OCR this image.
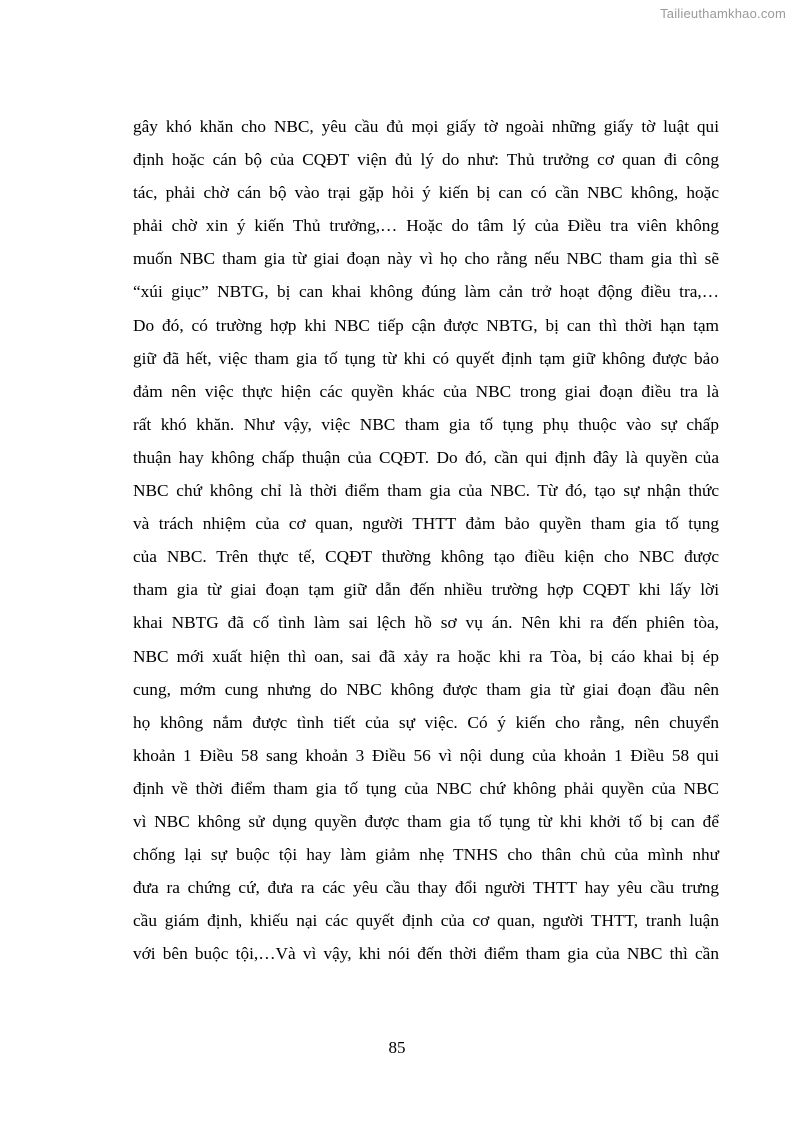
Tailieuthamkhao.com
gây khó khăn cho NBC, yêu cầu đủ mọi giấy tờ ngoài những giấy tờ luật qui
định hoặc cán bộ của CQĐT viện đủ lý do như: Thủ trưởng cơ quan đi công
tác, phải chờ cán bộ vào trại gặp hỏi ý kiến bị can có cần NBC không, hoặc
phải chờ xin ý kiến Thủ trưởng,… Hoặc do tâm lý của Điều tra viên không
muốn NBC tham gia từ giai đoạn này vì họ cho rằng nếu NBC tham gia thì sẽ
“xúi giục” NBTG, bị can khai không đúng làm cản trở hoạt động điều tra,…
Do đó, có trường hợp khi NBC tiếp cận được NBTG, bị can thì thời hạn tạm
giữ đã hết, việc tham gia tố tụng từ khi có quyết định tạm giữ không được bảo
đảm nên việc thực hiện các quyền khác của NBC trong giai đoạn điều tra là
rất khó khăn. Như vậy, việc NBC tham gia tố tụng phụ thuộc vào sự chấp
thuận hay không chấp thuận của CQĐT. Do đó, cần qui định đây là quyền của
NBC chứ không chỉ là thời điểm tham gia của NBC. Từ đó, tạo sự nhận thức
và trách nhiệm của cơ quan, người THTT đảm bảo quyền tham gia tố tụng
của NBC. Trên thực tế, CQĐT thường không tạo điều kiện cho NBC được
tham gia từ giai đoạn tạm giữ dẫn đến nhiều trường hợp CQĐT khi lấy lời
khai NBTG đã cố tình làm sai lệch hồ sơ vụ án. Nên khi ra đến phiên tòa,
NBC mới xuất hiện thì oan, sai đã xảy ra hoặc khi ra Tòa, bị cáo khai bị ép
cung, mớm cung nhưng do NBC không được tham gia từ giai đoạn đầu nên
họ không nắm được tình tiết của sự việc. Có ý kiến cho rằng, nên chuyển
khoản 1 Điều 58 sang khoản 3 Điều 56 vì nội dung của khoản 1 Điều 58 qui
định về thời điểm tham gia tố tụng của NBC chứ không phải quyền của NBC
vì NBC không sử dụng quyền được tham gia tố tụng từ khi khởi tố bị can để
chống lại sự buộc tội hay làm giảm nhẹ TNHS cho thân chủ của mình như
đưa ra chứng cứ, đưa ra các yêu cầu thay đổi người THTT hay yêu cầu trưng
cầu giám định, khiếu nại các quyết định của cơ quan, người THTT, tranh luận
với bên buộc tội,…Và vì vậy, khi nói đến thời điểm tham gia của NBC thì cần
85
